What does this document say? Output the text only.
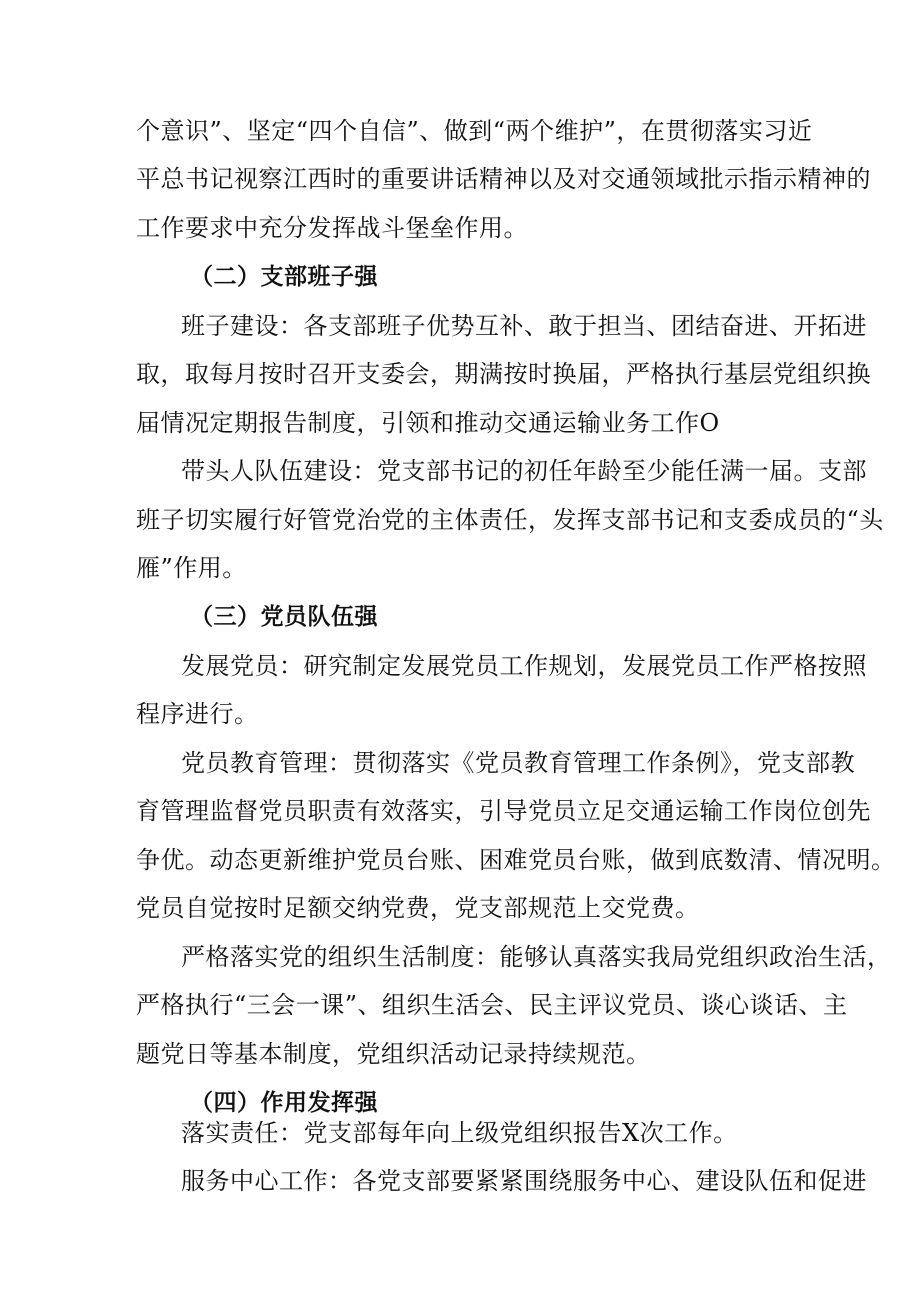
个意识”、坚定“四个自信”、做到“两个维护”，在贯彻落实习近
平总书记视察江西时的重要讲话精神以及对交通领域批示指示精神的
工作要求中充分发挥战斗堡垒作用。
（二）支部班子强
班子建设：各支部班子优势互补、敢于担当、团结奋进、开拓进
取，取每月按时召开支委会，期满按时换届，严格执行基层党组织换
届情况定期报告制度，引领和推动交通运输业务工作O
带头人队伍建设：党支部书记的初任年龄至少能任满一届。支部
班子切实履行好管党治党的主体责任，发挥支部书记和支委成员的“头
雁”作用。
（三）党员队伍强
发展党员：研究制定发展党员工作规划，发展党员工作严格按照
程序进行。
党员教育管理：贯彻落实《党员教育管理工作条例》，党支部教
育管理监督党员职责有效落实，引导党员立足交通运输工作岗位创先
争优。动态更新维护党员台账、困难党员台账，做到底数清、情况明。
党员自觉按时足额交纳党费，党支部规范上交党费。
严格落实党的组织生活制度：能够认真落实我局党组织政治生活，
严格执行“三会一课”、组织生活会、民主评议党员、谈心谈话、主
题党日等基本制度，党组织活动记录持续规范。
（四）作用发挥强
落实责任：党支部每年向上级党组织报告X次工作。
服务中心工作：各党支部要紧紧围绕服务中心、建设队伍和促进
